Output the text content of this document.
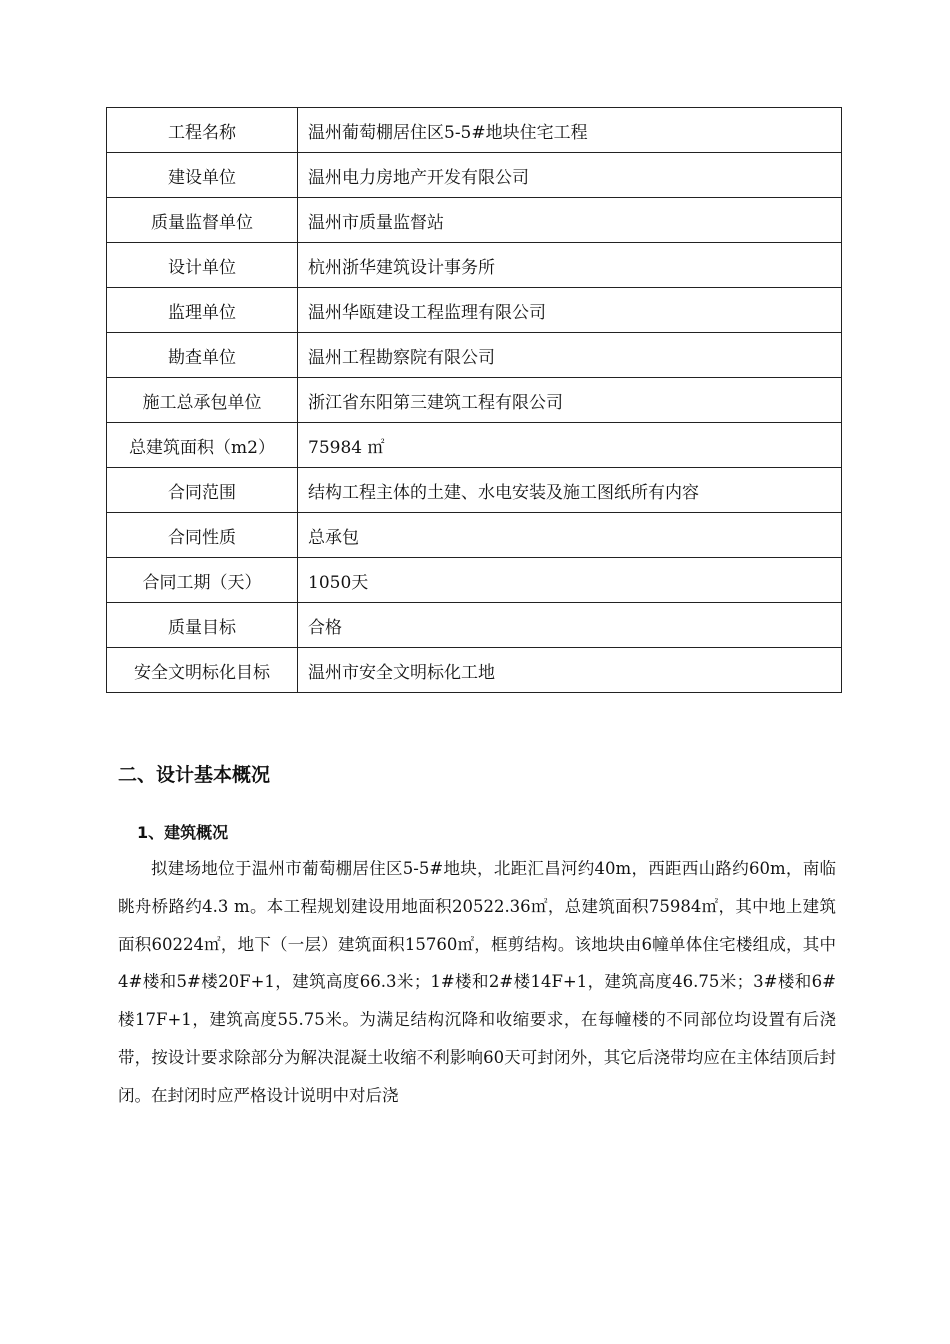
工程名称	温州葡萄棚居住区5-5#地块住宅工程
建设单位	温州电力房地产开发有限公司
质量监督单位	温州市质量监督站
设计单位	杭州浙华建筑设计事务所
监理单位	温州华瓯建设工程监理有限公司
勘查单位	温州工程勘察院有限公司
施工总承包单位	浙江省东阳第三建筑工程有限公司
总建筑面积（m2）	75984 ㎡
合同范围	结构工程主体的土建、水电安装及施工图纸所有内容
合同性质	总承包
合同工期（天）	1050天
质量目标	合格
安全文明标化目标	温州市安全文明标化工地
二、设计基本概况
1、建筑概况

拟建场地位于温州市葡萄棚居住区5-5#地块，北距汇昌河约40m，西距西山路约60m，南临眺舟桥路约4.3 m。本工程规划建设用地面积20522.36㎡，总建筑面积75984㎡，其中地上建筑面积60224㎡，地下（一层）建筑面积15760㎡，框剪结构。该地块由6幢单体住宅楼组成，其中4#楼和5#楼20F+1，建筑高度66.3米；1#楼和2#楼14F+1，建筑高度46.75米；3#楼和6#楼17F+1，建筑高度55.75米。为满足结构沉降和收缩要求，在每幢楼的不同部位均设置有后浇带，按设计要求除部分为解决混凝土收缩不利影响60天可封闭外，其它后浇带均应在主体结顶后封闭。在封闭时应严格设计说明中对后浇
